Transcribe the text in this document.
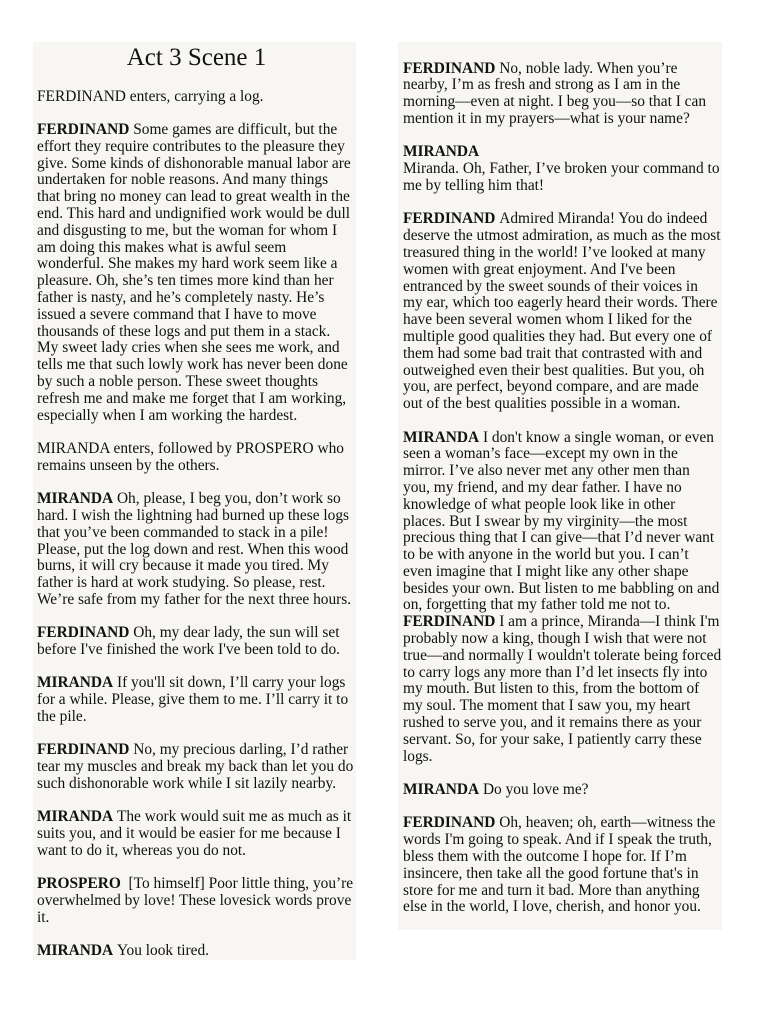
Act 3 Scene 1
FERDINAND enters, carrying a log.
FERDINAND Some games are difficult, but the
effort they require contributes to the pleasure they
give. Some kinds of dishonorable manual labor are
undertaken for noble reasons. And many things
that bring no money can lead to great wealth in the
end. This hard and undignified work would be dull
and disgusting to me, but the woman for whom I
am doing this makes what is awful seem
wonderful. She makes my hard work seem like a
pleasure. Oh, she’s ten times more kind than her
father is nasty, and he’s completely nasty. He’s
issued a severe command that I have to move
thousands of these logs and put them in a stack.
My sweet lady cries when she sees me work, and
tells me that such lowly work has never been done
by such a noble person. These sweet thoughts
refresh me and make me forget that I am working,
especially when I am working the hardest.
MIRANDA enters, followed by PROSPERO who
remains unseen by the others.
MIRANDA Oh, please, I beg you, don’t work so
hard. I wish the lightning had burned up these logs
that you’ve been commanded to stack in a pile!
Please, put the log down and rest. When this wood
burns, it will cry because it made you tired. My
father is hard at work studying. So please, rest.
We’re safe from my father for the next three hours.
FERDINAND Oh, my dear lady, the sun will set
before I've finished the work I've been told to do.
MIRANDA If you'll sit down, I’ll carry your logs
for a while. Please, give them to me. I’ll carry it to
the pile.
FERDINAND No, my precious darling, I’d rather
tear my muscles and break my back than let you do
such dishonorable work while I sit lazily nearby.
MIRANDA The work would suit me as much as it
suits you, and it would be easier for me because I
want to do it, whereas you do not.
PROSPERO [To himself] Poor little thing, you’re
overwhelmed by love! These lovesick words prove
it.
MIRANDA You look tired.
FERDINAND No, noble lady. When you’re
nearby, I’m as fresh and strong as I am in the
morning—even at night. I beg you—so that I can
mention it in my prayers—what is your name?
MIRANDA
Miranda. Oh, Father, I’ve broken your command to
me by telling him that!
FERDINAND Admired Miranda! You do indeed
deserve the utmost admiration, as much as the most
treasured thing in the world! I’ve looked at many
women with great enjoyment. And I've been
entranced by the sweet sounds of their voices in
my ear, which too eagerly heard their words. There
have been several women whom I liked for the
multiple good qualities they had. But every one of
them had some bad trait that contrasted with and
outweighed even their best qualities. But you, oh
you, are perfect, beyond compare, and are made
out of the best qualities possible in a woman.
MIRANDA I don't know a single woman, or even
seen a woman’s face—except my own in the
mirror. I’ve also never met any other men than
you, my friend, and my dear father. I have no
knowledge of what people look like in other
places. But I swear by my virginity—the most
precious thing that I can give—that I’d never want
to be with anyone in the world but you. I can’t
even imagine that I might like any other shape
besides your own. But listen to me babbling on and
on, forgetting that my father told me not to.
FERDINAND I am a prince, Miranda—I think I'm
probably now a king, though I wish that were not
true—and normally I wouldn't tolerate being forced
to carry logs any more than I’d let insects fly into
my mouth. But listen to this, from the bottom of
my soul. The moment that I saw you, my heart
rushed to serve you, and it remains there as your
servant. So, for your sake, I patiently carry these
logs.
MIRANDA Do you love me?
FERDINAND Oh, heaven; oh, earth—witness the
words I'm going to speak. And if I speak the truth,
bless them with the outcome I hope for. If I’m
insincere, then take all the good fortune that's in
store for me and turn it bad. More than anything
else in the world, I love, cherish, and honor you.
